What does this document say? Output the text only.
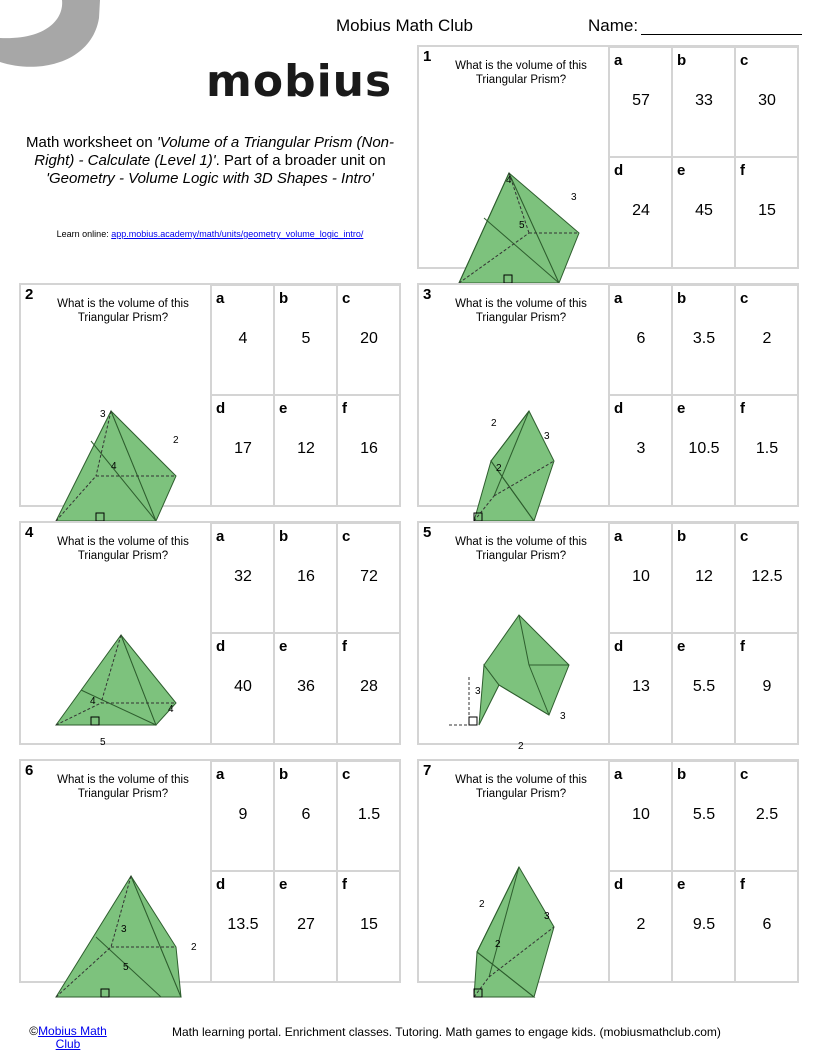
Mobius Math Club	Name:
mobius
Math worksheet on 'Volume of a Triangular Prism (Non-Right) - Calculate (Level 1)'. Part of a broader unit on 'Geometry - Volume Logic with 3D Shapes - Intro'
Learn online: app.mobius.academy/math/units/geometry_volume_logic_intro/
1
What is the volume of this Triangular Prism?
4
5
3
a
57
b
33
c
30
d
24
e
45
f
15
2
What is the volume of this Triangular Prism?
3
4
2
a
4
b
5
c
20
d
17
e
12
f
16
3
What is the volume of this Triangular Prism?
2
2
3
a
6
b
3.5
c
2
d
3
e
10.5
f
1.5
4
What is the volume of this Triangular Prism?
4
5
4
a
32
b
16
c
72
d
40
e
36
f
28
5
What is the volume of this Triangular Prism?
3
2
3
a
10
b
12
c
12.5
d
13
e
5.5
f
9
6
What is the volume of this Triangular Prism?
3
5
2
a
9
b
6
c
1.5
d
13.5
e
27
f
15
7
What is the volume of this Triangular Prism?
2
2
3
a
10
b
5.5
c
2.5
d
2
e
9.5
f
6
©Mobius Math Club
Math learning portal. Enrichment classes. Tutoring. Math games to engage kids. (mobiusmathclub.com)
